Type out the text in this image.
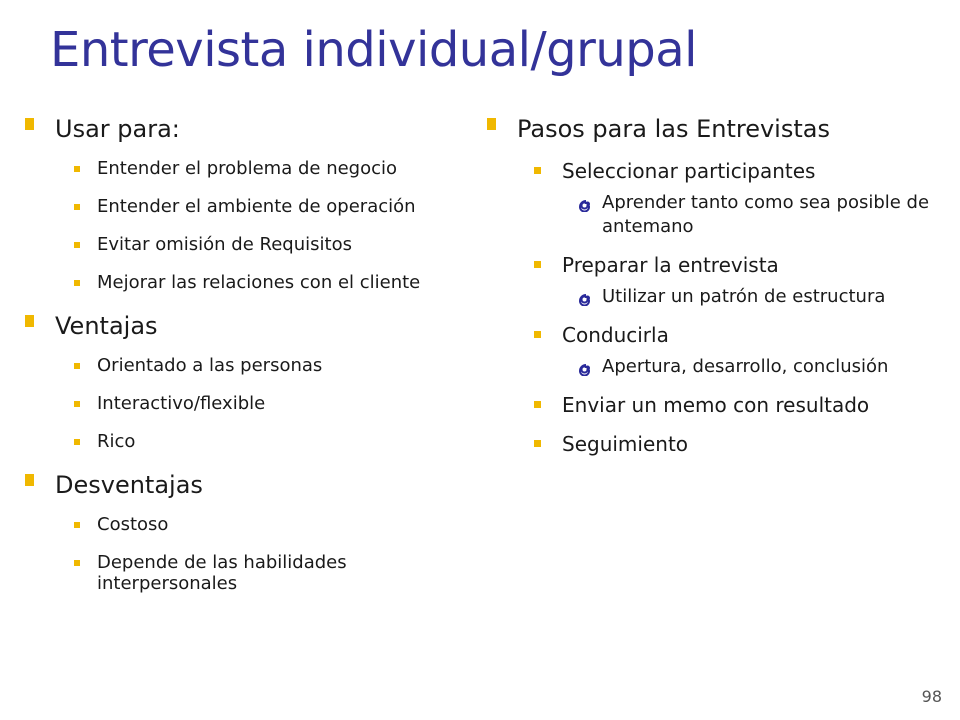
Entrevista individual/grupal
Usar para:
Entender el problema de negocio
Entender el ambiente de operación
Evitar omisión de Requisitos
Mejorar las relaciones con el cliente
Ventajas
Orientado a las personas
Interactivo/flexible
Rico
Desventajas
Costoso
Depende de las habilidades interpersonales
Pasos para las Entrevistas
Seleccionar participantes
Aprender tanto como sea posible de antemano
Preparar la entrevista
Utilizar un patrón de estructura
Conducirla
Apertura, desarrollo, conclusión
Enviar un memo con resultado
Seguimiento
98
